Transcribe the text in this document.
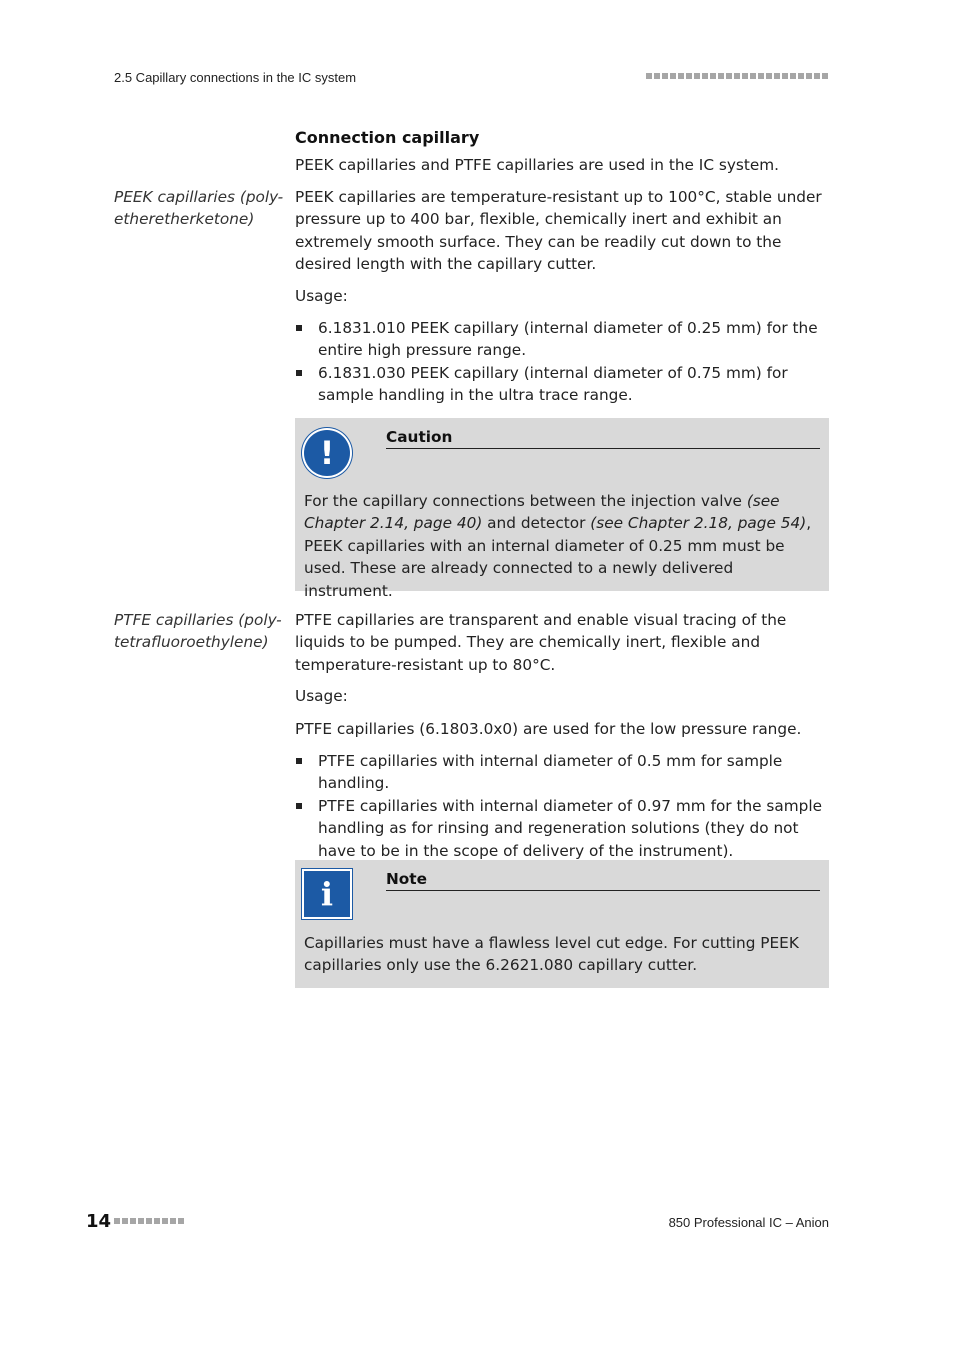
2.5 Capillary connections in the IC system
Connection capillary
PEEK capillaries and PTFE capillaries are used in the IC system.
PEEK capillaries (poly-
etheretherketone)
PEEK capillaries are temperature-resistant up to 100°C, stable under pressure up to 400 bar, flexible, chemically inert and exhibit an extremely smooth surface. They can be readily cut down to the desired length with the capillary cutter.
Usage:
6.1831.010 PEEK capillary (internal diameter of 0.25 mm) for the entire high pressure range.
6.1831.030 PEEK capillary (internal diameter of 0.75 mm) for sample handling in the ultra trace range.
!	Caution
For the capillary connections between the injection valve (see Chapter 2.14, page 40) and detector (see Chapter 2.18, page 54), PEEK capillaries with an internal diameter of 0.25 mm must be used. These are already connected to a newly delivered instrument.
PTFE capillaries (poly-
tetrafluoroethylene)
PTFE capillaries are transparent and enable visual tracing of the liquids to be pumped. They are chemically inert, flexible and temperature-resistant up to 80°C.
Usage:
PTFE capillaries (6.1803.0x0) are used for the low pressure range.
PTFE capillaries with internal diameter of 0.5 mm for sample handling.
PTFE capillaries with internal diameter of 0.97 mm for the sample handling as for rinsing and regeneration solutions (they do not have to be in the scope of delivery of the instrument).
i	Note
Capillaries must have a flawless level cut edge. For cutting PEEK capillaries only use the 6.2621.080 capillary cutter.
14	850 Professional IC – Anion
